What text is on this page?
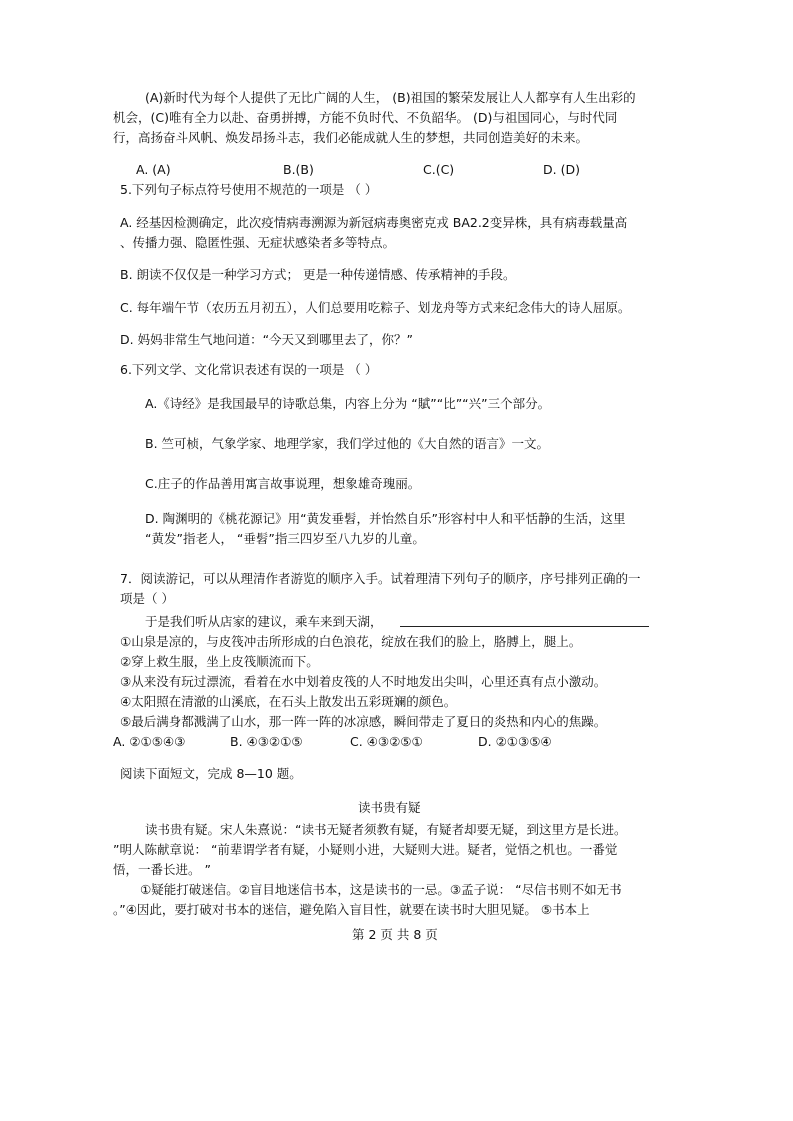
(A)新时代为每个人提供了无比广阔的人生， (B)祖国的繁荣发展让人人都享有人生出彩的
机会，(C)唯有全力以赴、奋勇拼搏，方能不负时代、不负韶华。 (D)与祖国同心，与时代同
行，高扬奋斗风帆、焕发昂扬斗志，我们必能成就人生的梦想，共同创造美好的未来。
A. (A)	B.(B)	C.(C)	D. (D)
5.下列句子标点符号使用不规范的一项是 （ ）
A. 经基因检测确定，此次疫情病毒溯源为新冠病毒奥密克戎 BA2.2变异株，具有病毒载量高
、传播力强、隐匿性强、无症状感染者多等特点。
B. 朗读不仅仅是一种学习方式； 更是一种传递情感、传承精神的手段。
C. 每年端午节（农历五月初五），人们总要用吃粽子、划龙舟等方式来纪念伟大的诗人屈原。
D. 妈妈非常生气地问道：“今天又到哪里去了，你？”
6.下列文学、文化常识表述有误的一项是 （ ）
A.《诗经》是我国最早的诗歌总集，内容上分为 “賦”“比”“兴”三个部分。
B. 竺可桢，气象学家、地理学家，我们学过他的《大自然的语言》一文。
C.庄子的作品善用寓言故事说理，想象雄奇瑰丽。
D. 陶渊明的《桃花源记》用“黄发垂髫，并怡然自乐”形容村中人和平恬静的生活，这里
“黄发”指老人， “垂髫”指三四岁至八九岁的儿童。
7．阅读游记，可以从理清作者游览的顺序入手。试着理清下列句子的顺序，序号排列正确的一
项是（ ）
于是我们听从店家的建议，乘车来到天湖，
①山泉是凉的，与皮筏冲击所形成的白色浪花，绽放在我们的脸上，胳膊上，腿上。
②穿上救生服，坐上皮筏顺流而下。
③从来没有玩过漂流，看着在水中划着皮筏的人不时地发出尖叫，心里还真有点小激动。
④太阳照在清澈的山溪底，在石头上散发出五彩斑斓的颜色。
⑤最后满身都溅满了山水，那一阵一阵的冰凉感，瞬间带走了夏日的炎热和内心的焦躁。
A. ②①⑤④③	B. ④③②①⑤	C. ④③②⑤①	D. ②①③⑤④
阅读下面短文，完成 8—10 题。
读书贵有疑
读书贵有疑。宋人朱熹说：“读书无疑者须教有疑，有疑者却要无疑，到这里方是长进。
”明人陈献章说： “前辈谓学者有疑，小疑则小进，大疑则大进。疑者，觉悟之机也。一番觉
悟，一番长进。 ”
①疑能打破迷信。②盲目地迷信书本，这是读书的一忌。③孟子说： “尽信书则不如无书
。”④因此，要打破对书本的迷信，避免陷入盲目性，就要在读书时大胆见疑。 ⑤书本上
第 2 页 共 8 页
